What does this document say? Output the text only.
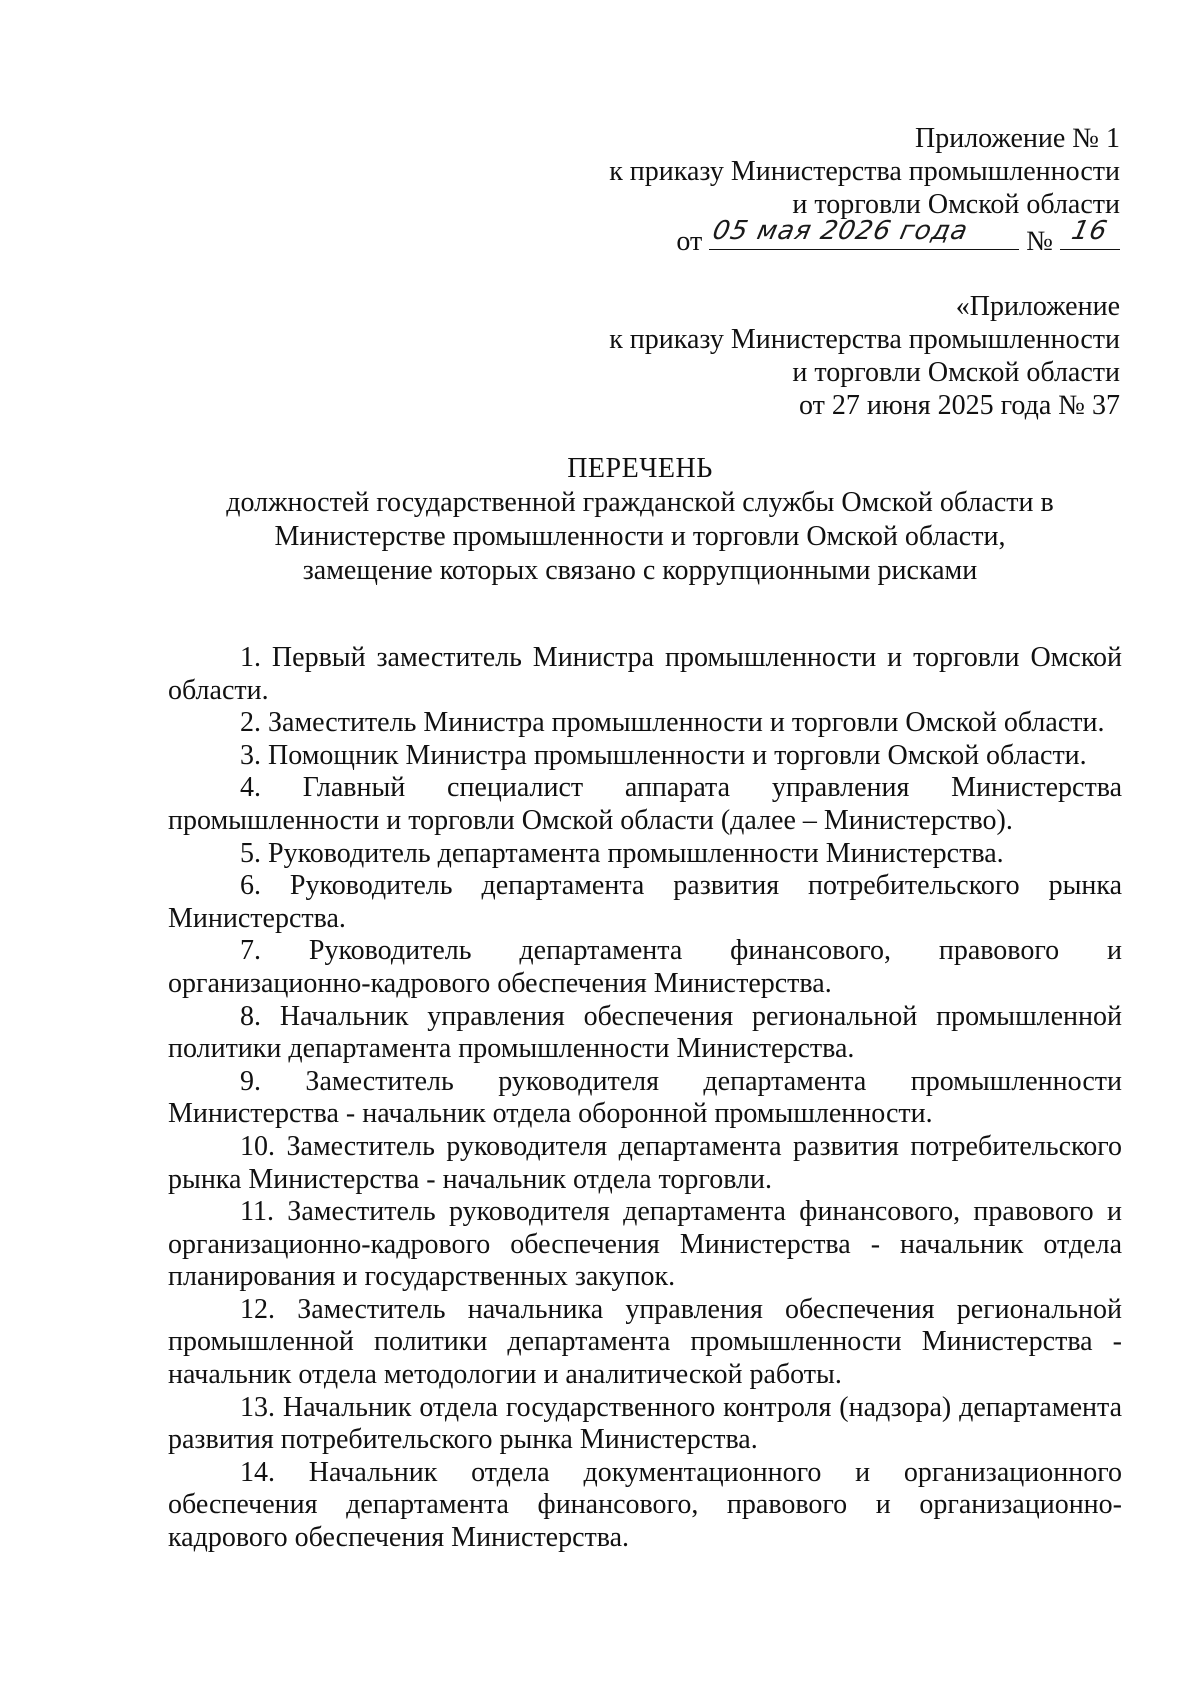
Приложение № 1
к приказу Министерства промышленности
и торговли Омской области
от 05 мая 2026 года № 16
«Приложение
к приказу Министерства промышленности
и торговли Омской области
от 27 июня 2025 года № 37
ПЕРЕЧЕНЬ
должностей государственной гражданской службы Омской области в
Министерстве промышленности и торговли Омской области,
замещение которых связано с коррупционными рисками

1. Первый заместитель Министра промышленности и торговли Омской области.

2. Заместитель Министра промышленности и торговли Омской области.

3. Помощник Министра промышленности и торговли Омской области.

4. Главный специалист аппарата управления Министерства промышленности и торговли Омской области (далее – Министерство).

5. Руководитель департамента промышленности Министерства.

6. Руководитель департамента развития потребительского рынка Министерства.

7. Руководитель департамента финансового, правового и организационно-кадрового обеспечения Министерства.

8. Начальник управления обеспечения региональной промышленной политики департамента промышленности Министерства.

9. Заместитель руководителя департамента промышленности Министерства - начальник отдела оборонной промышленности.

10. Заместитель руководителя департамента развития потребительского рынка Министерства - начальник отдела торговли.

11. Заместитель руководителя департамента финансового, правового и организационно-кадрового обеспечения Министерства - начальник отдела планирования и государственных закупок.

12. Заместитель начальника управления обеспечения региональной промышленной политики департамента промышленности Министерства - начальник отдела методологии и аналитической работы.

13. Начальник отдела государственного контроля (надзора) департамента развития потребительского рынка Министерства.

14. Начальник отдела документационного и организационного обеспечения департамента финансового, правового и организационно-кадрового обеспечения Министерства.
